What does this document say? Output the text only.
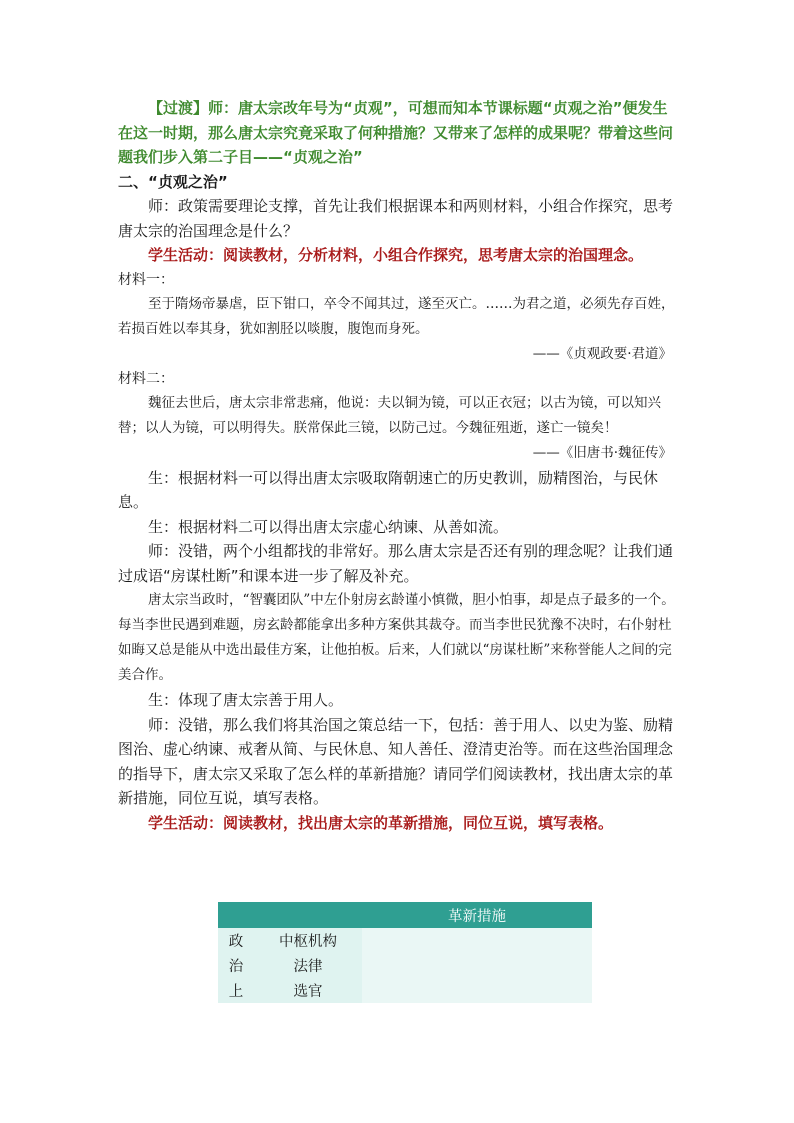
【过渡】师：唐太宗改年号为“贞观”，可想而知本节课标题“贞观之治”便发生在这一时期，那么唐太宗究竟采取了何种措施？又带来了怎样的成果呢？带着这些问题我们步入第二子目——“贞观之治”

二、“贞观之治”

师：政策需要理论支撑，首先让我们根据课本和两则材料，小组合作探究，思考唐太宗的治国理念是什么？

学生活动：阅读教材，分析材料，小组合作探究，思考唐太宗的治国理念。

材料一：

至于隋炀帝暴虐，臣下钳口，卒令不闻其过，遂至灭亡。……为君之道，必须先存百姓，若损百姓以奉其身，犹如割胫以啖腹，腹饱而身死。

——《贞观政要·君道》

材料二：

魏征去世后，唐太宗非常悲痛，他说：夫以铜为镜，可以正衣冠；以古为镜，可以知兴替；以人为镜，可以明得失。朕常保此三镜，以防己过。今魏征殂逝，遂亡一镜矣！

——《旧唐书·魏征传》

生：根据材料一可以得出唐太宗吸取隋朝速亡的历史教训，励精图治，与民休息。

生：根据材料二可以得出唐太宗虚心纳谏、从善如流。

师：没错，两个小组都找的非常好。那么唐太宗是否还有别的理念呢？让我们通过成语“房谋杜断”和课本进一步了解及补充。

唐太宗当政时，“智囊团队”中左仆射房玄龄谨小慎微，胆小怕事，却是点子最多的一个。每当李世民遇到难题，房玄龄都能拿出多种方案供其裁夺。而当李世民犹豫不决时，右仆射杜如晦又总是能从中选出最佳方案，让他拍板。后来，人们就以“房谋杜断”来称誉能人之间的完美合作。

生：体现了唐太宗善于用人。

师：没错，那么我们将其治国之策总结一下，包括：善于用人、以史为鉴、励精图治、虚心纳谏、戒奢从简、与民休息、知人善任、澄清吏治等。而在这些治国理念的指导下，唐太宗又采取了怎么样的革新措施？请同学们阅读教材，找出唐太宗的革新措施，同位互说，填写表格。

学生活动：阅读教材，找出唐太宗的革新措施，同位互说，填写表格。

		革新措施
政	中枢机构	
治	法律	
上	选官	
